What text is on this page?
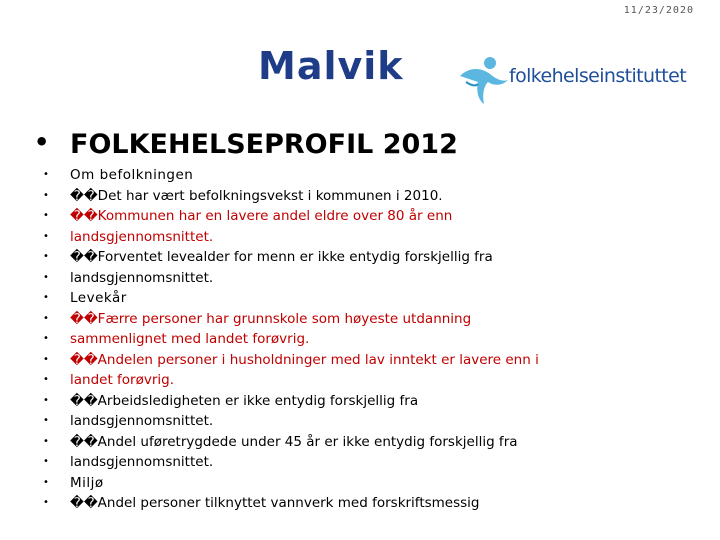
11/23/2020
Malvik	folkehelseinstituttet
• FOLKEHELSEPROFIL 2012
• Om befolkningen
• ��Det har vært befolkningsvekst i kommunen i 2010.
• ��Kommunen har en lavere andel eldre over 80 år enn
• landsgjennomsnittet.
• ��Forventet levealder for menn er ikke entydig forskjellig fra
• landsgjennomsnittet.
• Levekår
• ��Færre personer har grunnskole som høyeste utdanning
• sammenlignet med landet forøvrig.
• ��Andelen personer i husholdninger med lav inntekt er lavere enn i
• landet forøvrig.
• ��Arbeidsledigheten er ikke entydig forskjellig fra
• landsgjennomsnittet.
• ��Andel uføretrygdede under 45 år er ikke entydig forskjellig fra
• landsgjennomsnittet.
• Miljø
• ��Andel personer tilknyttet vannverk med forskriftsmessig
